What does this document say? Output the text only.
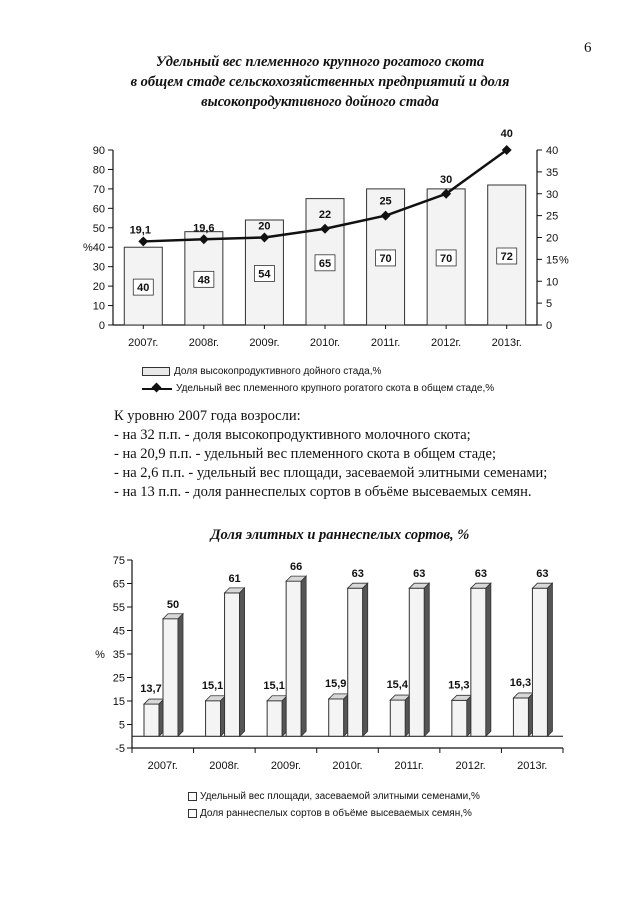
6
Удельный вес племенного крупного рогатого скота
в общем стаде сельскохозяйственных предприятий и доля
высокопродуктивного дойного стада
0
10
20
30
%40
50
60
70
80
90
0
5
10
15
20
25
30
35
40
%
40
2007г.
48
2008г.
54
2009г.
65
2010г.
70
2011г.
70
2012г.
72
2013г.
19,1	19,6	20
22
25
30
40
Доля высокопродуктивного дойного стада,%
Удельный вес племенного крупного рогатого скота в общем стаде,%
К уровню 2007 года возросли:
- на 32 п.п. - доля высокопродуктивного молочного скота;
- на 20,9 п.п. - удельный вес племенного скота в общем стаде;
- на 2,6 п.п. - удельный вес площади, засеваемой элитными семенами;
- на 13 п.п. - доля раннеспелых сортов в объёме высеваемых семян.
Доля элитных и раннеспелых сортов, %
%
-5
5
15
25
35
45
55
65
75
13,7
50
2007г.
15,1
61
2008г.
15,1
66
2009г.
15,9
63
2010г.
15,4
63
2011г.
15,3
63
2012г.
16,3
63
2013г.
Удельный вес площади, засеваемой элитными семенами,%
Доля раннеспелых сортов в объёме высеваемых семян,%
